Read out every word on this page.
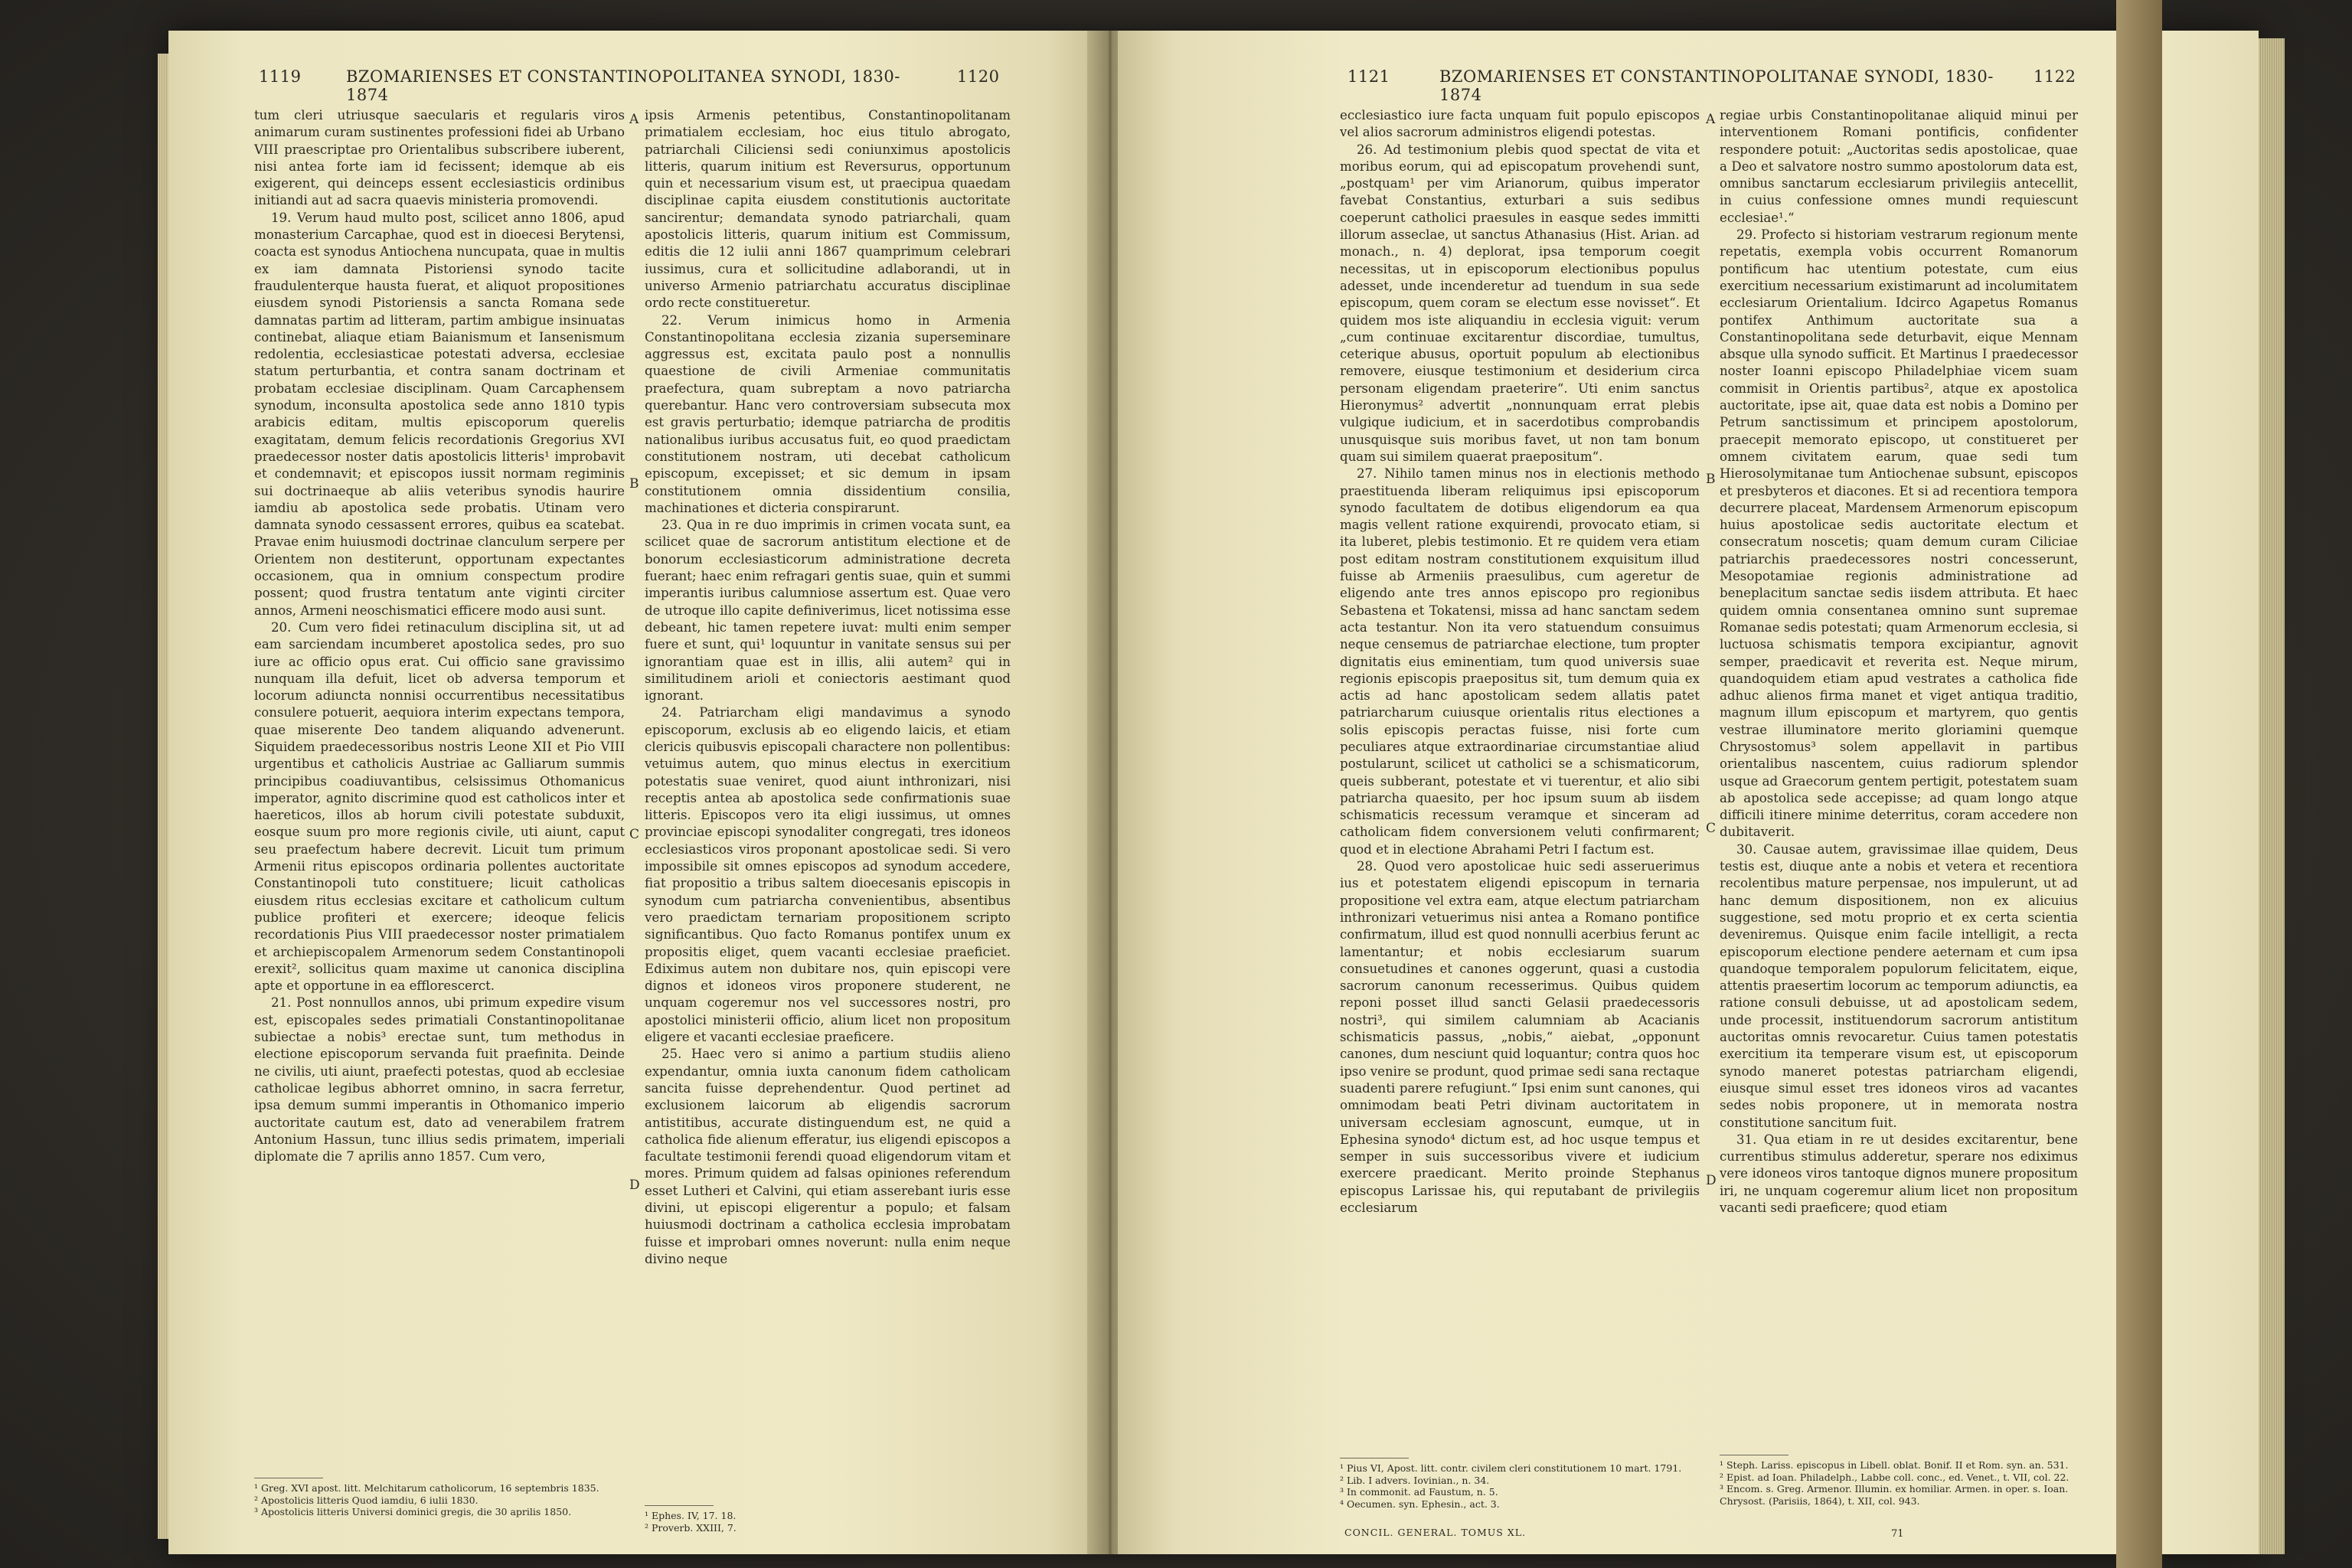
1119	BZOMARIENSES ET CONSTANTINOPOLITANEA SYNODI, 1830-1874
1120

tum cleri utriusque saecularis et regularis viros animarum curam sustinentes professioni fidei ab Urbano VIII praescriptae pro Orientalibus subscribere iuberent, nisi antea forte iam id fecissent; idemque ab eis exigerent, qui deinceps essent ecclesiasticis ordinibus initiandi aut ad sacra quaevis ministeria promovendi.

19. Verum haud multo post, scilicet anno 1806, apud monasterium Carcaphae, quod est in dioecesi Berytensi, coacta est synodus Antiochena nuncupata, quae in multis ex iam damnata Pistoriensi synodo tacite fraudulenterque hausta fuerat, et aliquot propositiones eiusdem synodi Pistoriensis a sancta Romana sede damnatas partim ad litteram, partim ambigue insinuatas continebat, aliaque etiam Baianismum et Iansenismum redolentia, ecclesiasticae potestati adversa, ecclesiae statum perturbantia, et contra sanam doctrinam et probatam ecclesiae disciplinam. Quam Carcaphensem synodum, inconsulta apostolica sede anno 1810 typis arabicis editam, multis episcoporum querelis exagitatam, demum felicis recordationis Gregorius XVI praedecessor noster datis apostolicis litteris¹ improbavit et condemnavit; et episcopos iussit normam regiminis sui doctrinaeque ab aliis veteribus synodis haurire iamdiu ab apostolica sede probatis. Utinam vero damnata synodo cessassent errores, quibus ea scatebat. Pravae enim huiusmodi doctrinae clanculum serpere per Orientem non destiterunt, opportunam expectantes occasionem, qua in omnium conspectum prodire possent; quod frustra tentatum ante viginti circiter annos, Armeni neoschismatici efficere modo ausi sunt.

20. Cum vero fidei retinaculum disciplina sit, ut ad eam sarciendam incumberet apostolica sedes, pro suo iure ac officio opus erat. Cui officio sane gravissimo nunquam illa defuit, licet ob adversa temporum et locorum adiuncta nonnisi occurrentibus necessitatibus consulere potuerit, aequiora interim expectans tempora, quae miserente Deo tandem aliquando advenerunt. Siquidem praedecessoribus nostris Leone XII et Pio VIII urgentibus et catholicis Austriae ac Galliarum summis principibus coadiuvantibus, celsissimus Othomanicus imperator, agnito discrimine quod est catholicos inter et haereticos, illos ab horum civili potestate subduxit, eosque suum pro more regionis civile, uti aiunt, caput seu praefectum habere decrevit. Licuit tum primum Armenii ritus episcopos ordinaria pollentes auctoritate Constantinopoli tuto constituere; licuit catholicas eiusdem ritus ecclesias excitare et catholicum cultum publice profiteri et exercere; ideoque felicis recordationis Pius VIII praedecessor noster primatialem et archiepiscopalem Armenorum sedem Constantinopoli erexit², sollicitus quam maxime ut canonica disciplina apte et opportune in ea efflorescerct.

21. Post nonnullos annos, ubi primum expedire visum est, episcopales sedes primatiali Constantinopolitanae subiectae a nobis³ erectae sunt, tum methodus in electione episcoporum servanda fuit praefinita. Deinde ne civilis, uti aiunt, praefecti potestas, quod ab ecclesiae catholicae legibus abhorret omnino, in sacra ferretur, ipsa demum summi imperantis in Othomanico imperio auctoritate cautum est, dato ad venerabilem fratrem Antonium Hassun, tunc illius sedis primatem, imperiali diplomate die 7 aprilis anno 1857. Cum vero,

A
B
C
D

ipsis Armenis petentibus, Constantinopolitanam primatialem ecclesiam, hoc eius titulo abrogato, patriarchali Ciliciensi sedi coniunximus apostolicis litteris, quarum initium est Reversurus, opportunum quin et necessarium visum est, ut praecipua quaedam disciplinae capita eiusdem constitutionis auctoritate sancirentur; demandata synodo patriarchali, quam apostolicis litteris, quarum initium est Commissum, editis die 12 iulii anni 1867 quamprimum celebrari iussimus, cura et sollicitudine adlaborandi, ut in universo Armenio patriarchatu accuratus disciplinae ordo recte constitueretur.

22. Verum inimicus homo in Armenia Constantinopolitana ecclesia zizania superseminare aggressus est, excitata paulo post a nonnullis quaestione de civili Armeniae communitatis praefectura, quam subreptam a novo patriarcha querebantur. Hanc vero controversiam subsecuta mox est gravis perturbatio; idemque patriarcha de proditis nationalibus iuribus accusatus fuit, eo quod praedictam constitutionem nostram, uti decebat catholicum episcopum, excepisset; et sic demum in ipsam constitutionem omnia dissidentium consilia, machinationes et dicteria conspirarunt.

23. Qua in re duo imprimis in crimen vocata sunt, ea scilicet quae de sacrorum antistitum electione et de bonorum ecclesiasticorum administratione decreta fuerant; haec enim refragari gentis suae, quin et summi imperantis iuribus calumniose assertum est. Quae vero de utroque illo capite definiverimus, licet notissima esse debeant, hic tamen repetere iuvat: multi enim semper fuere et sunt, qui¹ loquuntur in vanitate sensus sui per ignorantiam quae est in illis, alii autem² qui in similitudinem arioli et coniectoris aestimant quod ignorant.

24. Patriarcham eligi mandavimus a synodo episcoporum, exclusis ab eo eligendo laicis, et etiam clericis quibusvis episcopali charactere non pollentibus: vetuimus autem, quo minus electus in exercitium potestatis suae veniret, quod aiunt inthronizari, nisi receptis antea ab apostolica sede confirmationis suae litteris. Episcopos vero ita eligi iussimus, ut omnes provinciae episcopi synodaliter congregati, tres idoneos ecclesiasticos viros proponant apostolicae sedi. Si vero impossibile sit omnes episcopos ad synodum accedere, fiat propositio a tribus saltem dioecesanis episcopis in synodum cum patriarcha convenientibus, absentibus vero praedictam ternariam propositionem scripto significantibus. Quo facto Romanus pontifex unum ex propositis eliget, quem vacanti ecclesiae praeficiet. Ediximus autem non dubitare nos, quin episcopi vere dignos et idoneos viros proponere studerent, ne unquam cogeremur nos vel successores nostri, pro apostolici ministerii officio, alium licet non propositum eligere et vacanti ecclesiae praeficere.

25. Haec vero si animo a partium studiis alieno expendantur, omnia iuxta canonum fidem catholicam sancita fuisse deprehendentur. Quod pertinet ad exclusionem laicorum ab eligendis sacrorum antistitibus, accurate distinguendum est, ne quid a catholica fide alienum efferatur, ius eligendi episcopos a facultate testimonii ferendi quoad eligendorum vitam et mores. Primum quidem ad falsas opiniones referendum esset Lutheri et Calvini, qui etiam asserebant iuris esse divini, ut episcopi eligerentur a populo; et falsam huiusmodi doctrinam a catholica ecclesia improbatam fuisse et improbari omnes noverunt: nulla enim neque divino neque

¹ Greg. XVI apost. litt. Melchitarum catholicorum, 16 septembris 1835.
² Apostolicis litteris Quod iamdiu, 6 iulii 1830.
³ Apostolicis litteris Universi dominici gregis, die 30 aprilis 1850.	¹ Ephes. IV, 17. 18.
² Proverb. XXIII, 7.
1121	BZOMARIENSES ET CONSTANTINOPOLITANAE SYNODI, 1830-1874
1122

ecclesiastico iure facta unquam fuit populo episcopos vel alios sacrorum administros eligendi potestas.

26. Ad testimonium plebis quod spectat de vita et moribus eorum, qui ad episcopatum provehendi sunt, „postquam¹ per vim Arianorum, quibus imperator favebat Constantius, exturbari a suis sedibus coeperunt catholici praesules in easque sedes immitti illorum asseclae, ut sanctus Athanasius (Hist. Arian. ad monach., n. 4) deplorat, ipsa temporum coegit necessitas, ut in episcoporum electionibus populus adesset, unde incenderetur ad tuendum in sua sede episcopum, quem coram se electum esse novisset“. Et quidem mos iste aliquandiu in ecclesia viguit: verum „cum continuae excitarentur discordiae, tumultus, ceterique abusus, oportuit populum ab electionibus removere, eiusque testimonium et desiderium circa personam eligendam praeterire“. Uti enim sanctus Hieronymus² advertit „nonnunquam errat plebis vulgique iudicium, et in sacerdotibus comprobandis unusquisque suis moribus favet, ut non tam bonum quam sui similem quaerat praepositum“.

27. Nihilo tamen minus nos in electionis methodo praestituenda liberam reliquimus ipsi episcoporum synodo facultatem de dotibus eligendorum ea qua magis vellent ratione exquirendi, provocato etiam, si ita luberet, plebis testimonio. Et re quidem vera etiam post editam nostram constitutionem exquisitum illud fuisse ab Armeniis praesulibus, cum ageretur de eligendo ante tres annos episcopo pro regionibus Sebastena et Tokatensi, missa ad hanc sanctam sedem acta testantur. Non ita vero statuendum consuimus neque censemus de patriarchae electione, tum propter dignitatis eius eminentiam, tum quod universis suae regionis episcopis praepositus sit, tum demum quia ex actis ad hanc apostolicam sedem allatis patet patriarcharum cuiusque orientalis ritus electiones a solis episcopis peractas fuisse, nisi forte cum peculiares atque extraordinariae circumstantiae aliud postularunt, scilicet ut catholici se a schismaticorum, queis subberant, potestate et vi tuerentur, et alio sibi patriarcha quaesito, per hoc ipsum suum ab iisdem schismaticis recessum veramque et sinceram ad catholicam fidem conversionem veluti confirmarent; quod et in electione Abrahami Petri I factum est.

28. Quod vero apostolicae huic sedi asseruerimus ius et potestatem eligendi episcopum in ternaria propositione vel extra eam, atque electum patriarcham inthronizari vetuerimus nisi antea a Romano pontifice confirmatum, illud est quod nonnulli acerbius ferunt ac lamentantur; et nobis ecclesiarum suarum consuetudines et canones oggerunt, quasi a custodia sacrorum canonum recesserimus. Quibus quidem reponi posset illud sancti Gelasii praedecessoris nostri³, qui similem calumniam ab Acacianis schismaticis passus, „nobis,“ aiebat, „opponunt canones, dum nesciunt quid loquantur; contra quos hoc ipso venire se produnt, quod primae sedi sana rectaque suadenti parere refugiunt.“ Ipsi enim sunt canones, qui omnimodam beati Petri divinam auctoritatem in universam ecclesiam agnoscunt, eumque, ut in Ephesina synodo⁴ dictum est, ad hoc usque tempus et semper in suis successoribus vivere et iudicium exercere praedicant. Merito proinde Stephanus episcopus Larissae his, qui reputabant de privilegiis ecclesiarum

A
B
C
D

regiae urbis Constantinopolitanae aliquid minui per interventionem Romani pontificis, confidenter respondere potuit: „Auctoritas sedis apostolicae, quae a Deo et salvatore nostro summo apostolorum data est, omnibus sanctarum ecclesiarum privilegiis antecellit, in cuius confessione omnes mundi requiescunt ecclesiae¹.“

29. Profecto si historiam vestrarum regionum mente repetatis, exempla vobis occurrent Romanorum pontificum hac utentium potestate, cum eius exercitium necessarium existimarunt ad incolumitatem ecclesiarum Orientalium. Idcirco Agapetus Romanus pontifex Anthimum auctoritate sua a Constantinopolitana sede deturbavit, eique Mennam absque ulla synodo sufficit. Et Martinus I praedecessor noster Ioanni episcopo Philadelphiae vicem suam commisit in Orientis partibus², atque ex apostolica auctoritate, ipse ait, quae data est nobis a Domino per Petrum sanctissimum et principem apostolorum, praecepit memorato episcopo, ut constitueret per omnem civitatem earum, quae sedi tum Hierosolymitanae tum Antiochenae subsunt, episcopos et presbyteros et diacones. Et si ad recentiora tempora decurrere placeat, Mardensem Armenorum episcopum huius apostolicae sedis auctoritate electum et consecratum noscetis; quam demum curam Ciliciae patriarchis praedecessores nostri concesserunt, Mesopotamiae regionis administratione ad beneplacitum sanctae sedis iisdem attributa. Et haec quidem omnia consentanea omnino sunt supremae Romanae sedis potestati; quam Armenorum ecclesia, si luctuosa schismatis tempora excipiantur, agnovit semper, praedicavit et reverita est. Neque mirum, quandoquidem etiam apud vestrates a catholica fide adhuc alienos firma manet et viget antiqua traditio, magnum illum episcopum et martyrem, quo gentis vestrae illuminatore merito gloriamini quemque Chrysostomus³ solem appellavit in partibus orientalibus nascentem, cuius radiorum splendor usque ad Graecorum gentem pertigit, potestatem suam ab apostolica sede accepisse; ad quam longo atque difficili itinere minime deterritus, coram accedere non dubitaverit.

30. Causae autem, gravissimae illae quidem, Deus testis est, diuque ante a nobis et vetera et recentiora recolentibus mature perpensae, nos impulerunt, ut ad hanc demum dispositionem, non ex alicuius suggestione, sed motu proprio et ex certa scientia deveniremus. Quisque enim facile intelligit, a recta episcoporum electione pendere aeternam et cum ipsa quandoque temporalem populorum felicitatem, eique, attentis praesertim locorum ac temporum adiunctis, ea ratione consuli debuisse, ut ad apostolicam sedem, unde processit, instituendorum sacrorum antistitum auctoritas omnis revocaretur. Cuius tamen potestatis exercitium ita temperare visum est, ut episcoporum synodo maneret potestas patriarcham eligendi, eiusque simul esset tres idoneos viros ad vacantes sedes nobis proponere, ut in memorata nostra constitutione sancitum fuit.

31. Qua etiam in re ut desides excitarentur, bene currentibus stimulus adderetur, sperare nos ediximus vere idoneos viros tantoque dignos munere propositum iri, ne unquam cogeremur alium licet non propositum vacanti sedi praeficere; quod etiam

¹ Pius VI, Apost. litt. contr. civilem cleri constitutionem 10 mart. 1791.
² Lib. I advers. Iovinian., n. 34.
³ In commonit. ad Faustum, n. 5.
⁴ Oecumen. syn. Ephesin., act. 3.
CONCIL. GENERAL. TOMUS XL.
¹ Steph. Lariss. episcopus in Libell. oblat. Bonif. II et Rom. syn. an. 531.
² Epist. ad Ioan. Philadelph., Labbe coll. conc., ed. Venet., t. VII, col. 22.
³ Encom. s. Greg. Armenor. Illumin. ex homiliar. Armen. in oper. s. Ioan. Chrysost. (Parisiis, 1864), t. XII, col. 943.
71
